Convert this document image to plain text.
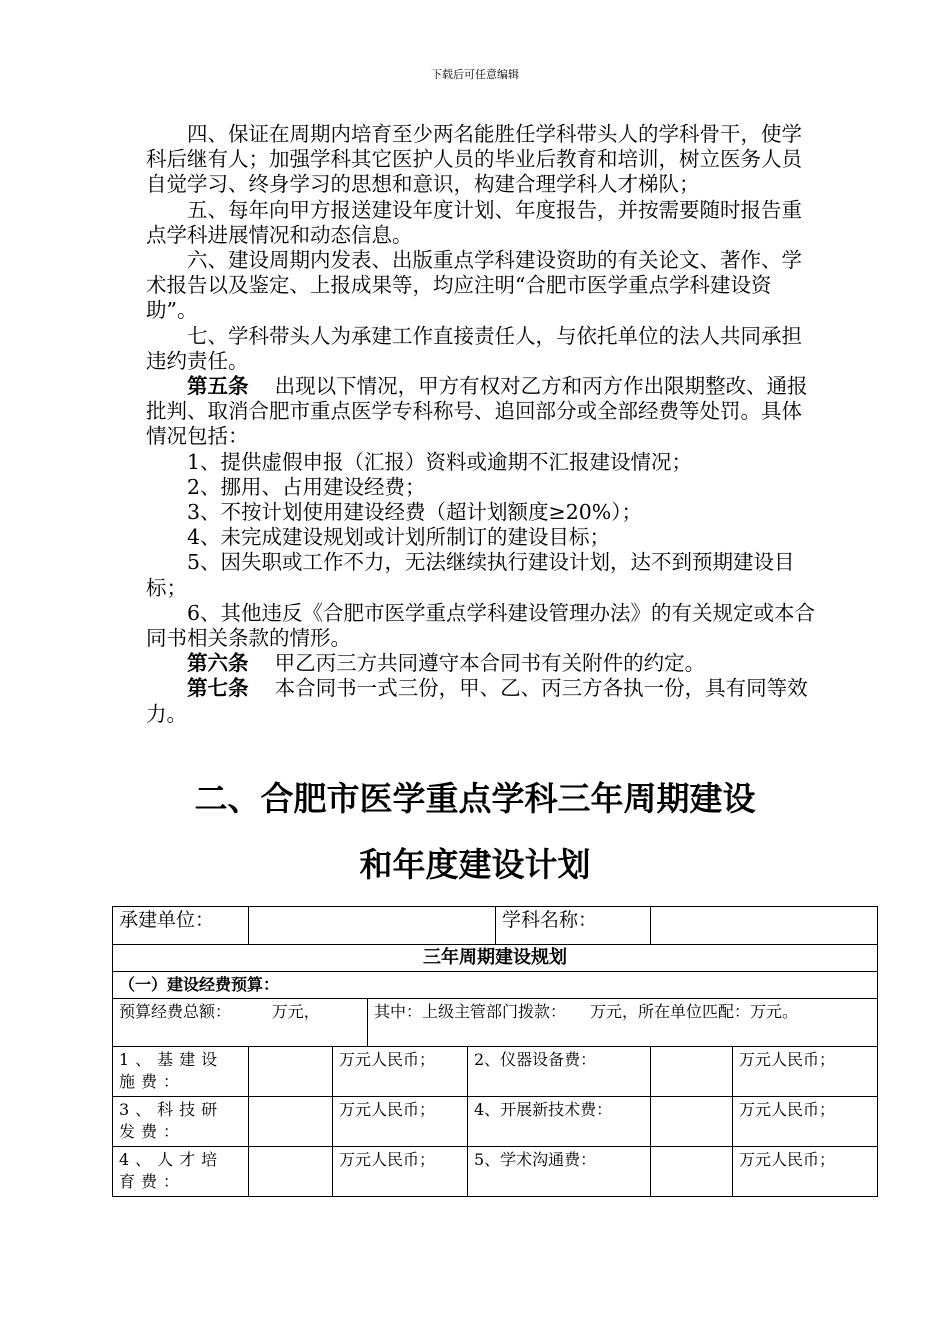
下载后可任意编辑

四、保证在周期内培育至少两名能胜任学科带头人的学科骨干，使学科后继有人；加强学科其它医护人员的毕业后教育和培训，树立医务人员自觉学习、终身学习的思想和意识，构建合理学科人才梯队；

五、每年向甲方报送建设年度计划、年度报告，并按需要随时报告重点学科进展情况和动态信息。

六、建设周期内发表、出版重点学科建设资助的有关论文、著作、学术报告以及鉴定、上报成果等，均应注明“合肥市医学重点学科建设资助”。

七、学科带头人为承建工作直接责任人，与依托单位的法人共同承担违约责任。

第五条 出现以下情况，甲方有权对乙方和丙方作出限期整改、通报批判、取消合肥市重点医学专科称号、追回部分或全部经费等处罚。具体情况包括：

1、提供虚假申报（汇报）资料或逾期不汇报建设情况；

2、挪用、占用建设经费；

3、不按计划使用建设经费（超计划额度≥20%）；

4、未完成建设规划或计划所制订的建设目标；

5、因失职或工作不力，无法继续执行建设计划，达不到预期建设目标；

6、其他违反《合肥市医学重点学科建设管理办法》的有关规定或本合同书相关条款的情形。

第六条 甲乙丙三方共同遵守本合同书有关附件的约定。

第七条 本合同书一式三份，甲、乙、丙三方各执一份，具有同等效力。

二、合肥市医学重点学科三年周期建设
和年度建设计划
承建单位：					学科名称：		
三年周期建设规划							
（一）建设经费预算：							
预算经费总额： 万元，			其中：上级主管部门拨款：　　万元，所在单位匹配：万元。				
1、基建设施费：		万元人民币；		2、仪器设备费：			万元人民币；
3、科技研发费：		万元人民币；		4、开展新技术费：			万元人民币；
4、人才培育费：		万元人民币；		5、学术沟通费：			万元人民币；
